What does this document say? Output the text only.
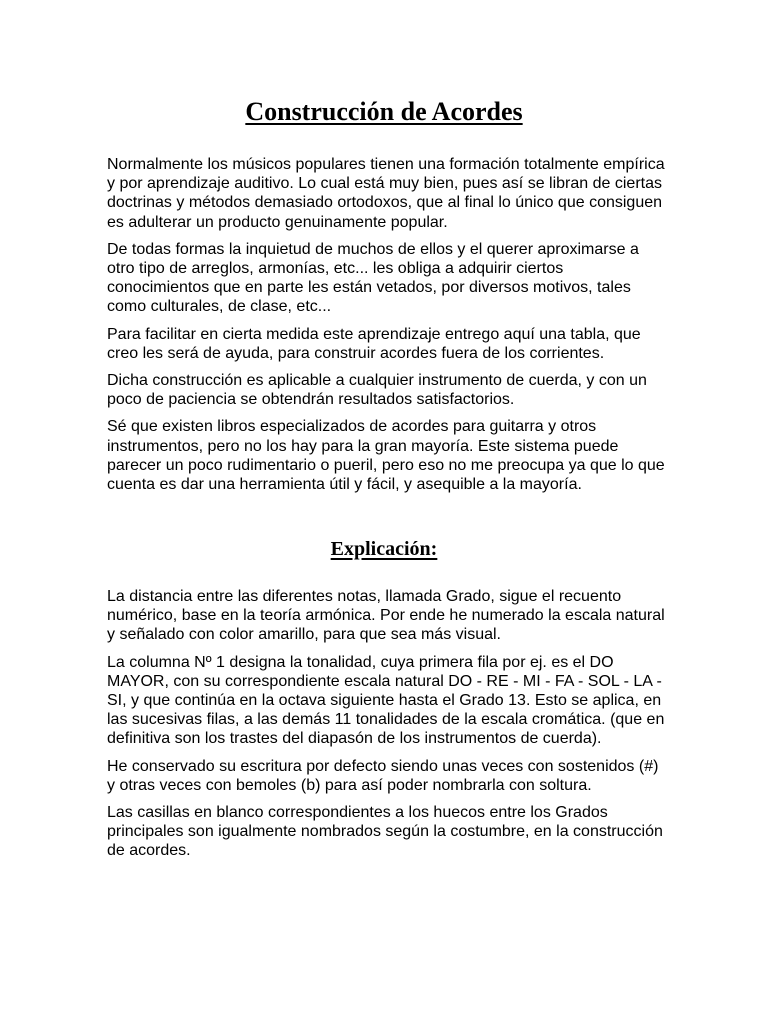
Construcción de Acordes

Normalmente los músicos populares tienen una formación totalmente empírica y por aprendizaje auditivo. Lo cual está muy bien, pues así se libran de ciertas doctrinas y métodos demasiado ortodoxos, que al final lo único que consiguen es adulterar un producto genuinamente popular.

De todas formas la inquietud de muchos de ellos y el querer aproximarse a otro tipo de arreglos, armonías, etc... les obliga a adquirir ciertos conocimientos que en parte les están vetados, por diversos motivos, tales como culturales, de clase, etc...

Para facilitar en cierta medida este aprendizaje entrego aquí una tabla, que creo les será de ayuda, para construir acordes fuera de los corrientes.

Dicha construcción es aplicable a cualquier instrumento de cuerda, y con un poco de paciencia se obtendrán resultados satisfactorios.

Sé que existen libros especializados de acordes para guitarra y otros instrumentos, pero no los hay para la gran mayoría. Este sistema puede parecer un poco rudimentario o pueril, pero eso no me preocupa ya que lo que cuenta es dar una herramienta útil y fácil, y asequible a la mayoría.

Explicación:

La distancia entre las diferentes notas, llamada Grado, sigue el recuento numérico, base en la teoría armónica. Por ende he numerado la escala natural y señalado con color amarillo, para que sea más visual.

La columna Nº 1 designa la tonalidad, cuya primera fila por ej. es el DO MAYOR, con su correspondiente escala natural DO - RE - MI - FA - SOL - LA - SI, y que continúa en la octava siguiente hasta el Grado 13. Esto se aplica, en las sucesivas filas, a las demás 11 tonalidades de la escala cromática. (que en definitiva son los trastes del diapasón de los instrumentos de cuerda).

He conservado su escritura por defecto siendo unas veces con sostenidos (#) y otras veces con bemoles (b) para así poder nombrarla con soltura.

Las casillas en blanco correspondientes a los huecos entre los Grados principales son igualmente nombrados según la costumbre, en la construcción de acordes.
